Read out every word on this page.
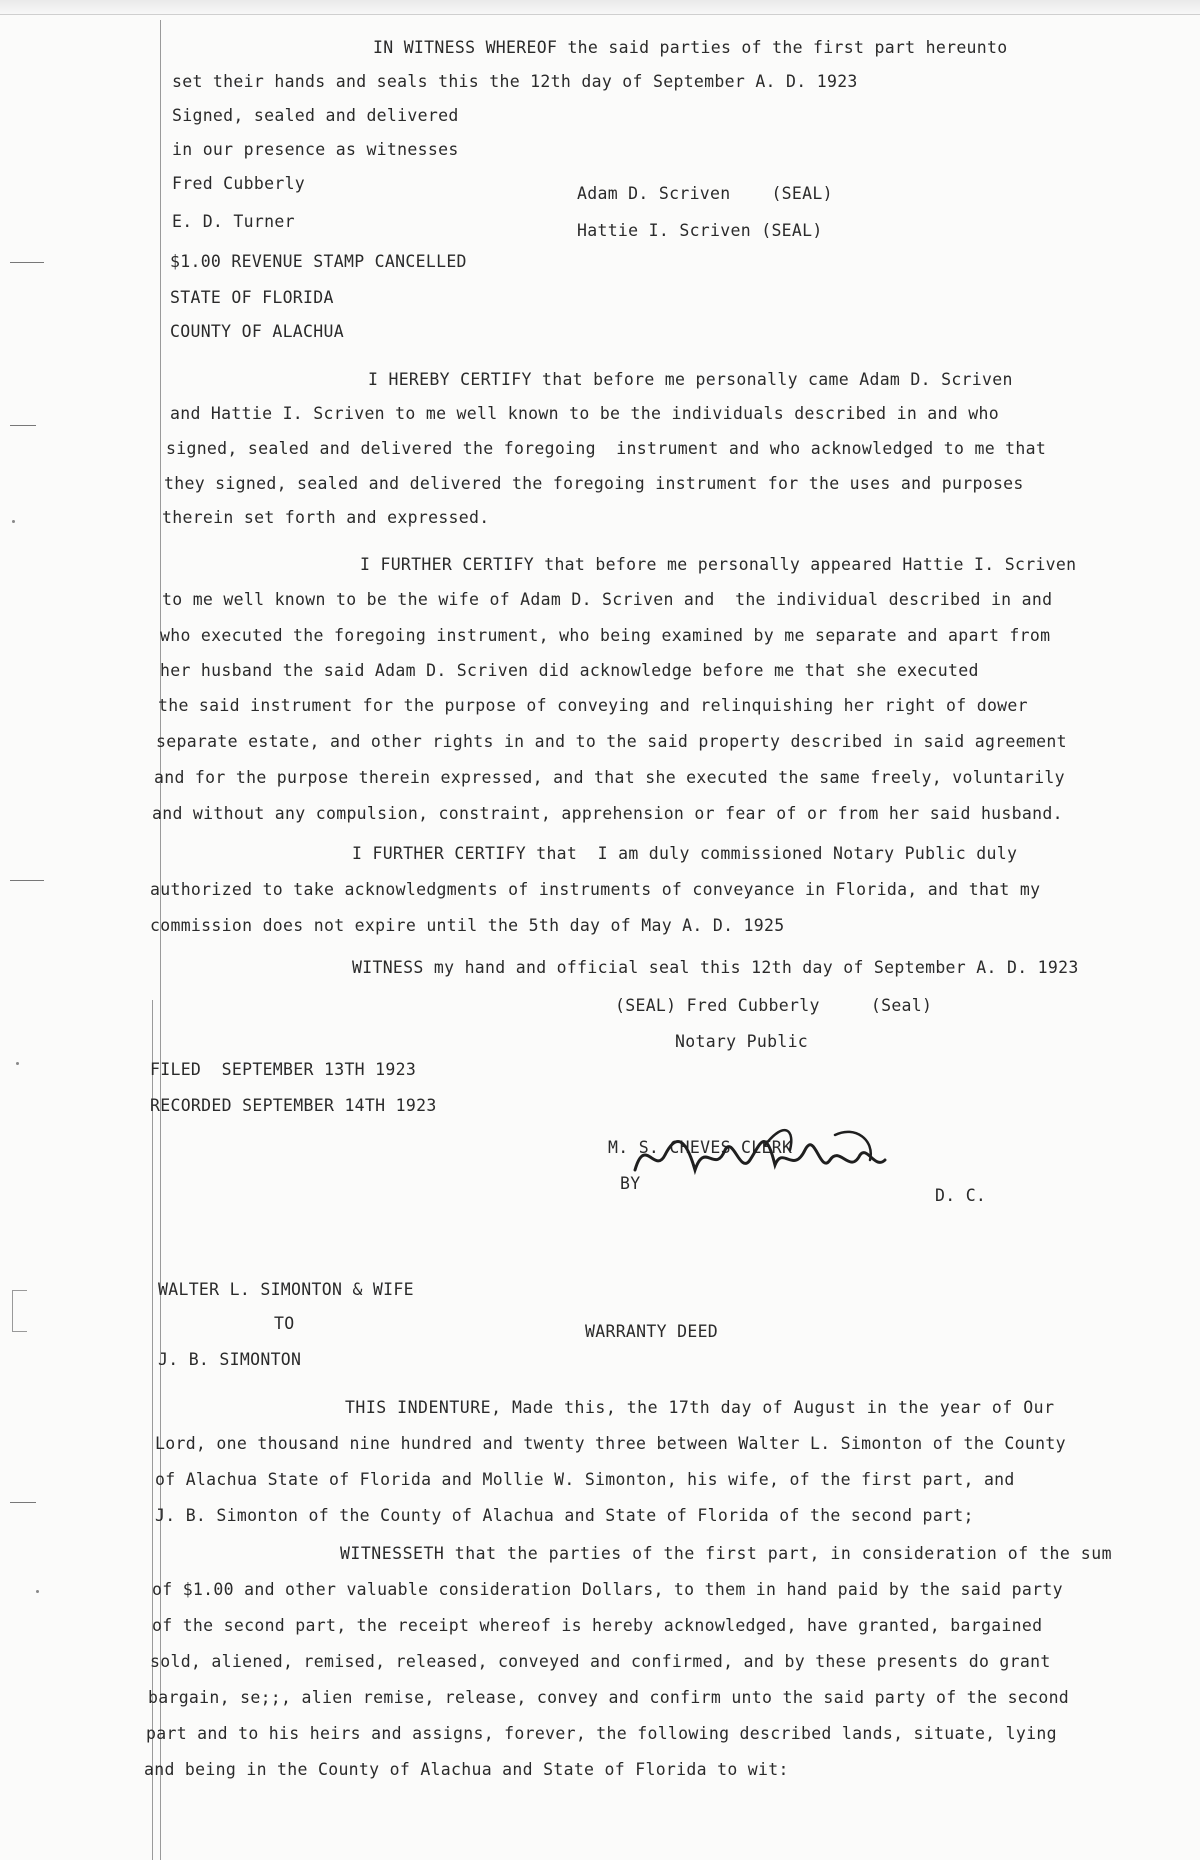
IN WITNESS WHEREOF the said parties of the first part hereunto
set their hands and seals this the 12th day of September A. D. 1923
Signed, sealed and delivered
in our presence as witnesses
Fred Cubberly
Adam D. Scriven    (SEAL)
E. D. Turner	Hattie I. Scriven (SEAL)
$1.00 REVENUE STAMP CANCELLED
STATE OF FLORIDA
COUNTY OF ALACHUA
I HEREBY CERTIFY that before me personally came Adam D. Scriven
and Hattie I. Scriven to me well known to be the individuals described in and who
signed, sealed and delivered the foregoing  instrument and who acknowledged to me that
they signed, sealed and delivered the foregoing instrument for the uses and purposes
therein set forth and expressed.
I FURTHER CERTIFY that before me personally appeared Hattie I. Scriven
to me well known to be the wife of Adam D. Scriven and  the individual described in and
who executed the foregoing instrument, who being examined by me separate and apart from
her husband the said Adam D. Scriven did acknowledge before me that she executed
the said instrument for the purpose of conveying and relinquishing her right of dower
separate estate, and other rights in and to the said property described in said agreement
and for the purpose therein expressed, and that she executed the same freely, voluntarily
and without any compulsion, constraint, apprehension or fear of or from her said husband.
I FURTHER CERTIFY that  I am duly commissioned Notary Public duly
authorized to take acknowledgments of instruments of conveyance in Florida, and that my
commission does not expire until the 5th day of May A. D. 1925
WITNESS my hand and official seal this 12th day of September A. D. 1923
(SEAL) Fred Cubberly     (Seal)
Notary Public
FILED  SEPTEMBER 13TH 1923
RECORDED SEPTEMBER 14TH 1923
M. S. CHEVES CLERK
BY
D. C.
WALTER L. SIMONTON & WIFE
TO	WARRANTY DEED
J. B. SIMONTON
THIS INDENTURE, Made this, the 17th day of August in the year of Our
Lord, one thousand nine hundred and twenty three between Walter L. Simonton of the County
of Alachua State of Florida and Mollie W. Simonton, his wife, of the first part, and
J. B. Simonton of the County of Alachua and State of Florida of the second part;
WITNESSETH that the parties of the first part, in consideration of the sum
of $1.00 and other valuable consideration Dollars, to them in hand paid by the said party
of the second part, the receipt whereof is hereby acknowledged, have granted, bargained
sold, aliened, remised, released, conveyed and confirmed, and by these presents do grant
bargain, se;;, alien remise, release, convey and confirm unto the said party of the second
part and to his heirs and assigns, forever, the following described lands, situate, lying
and being in the County of Alachua and State of Florida to wit:
